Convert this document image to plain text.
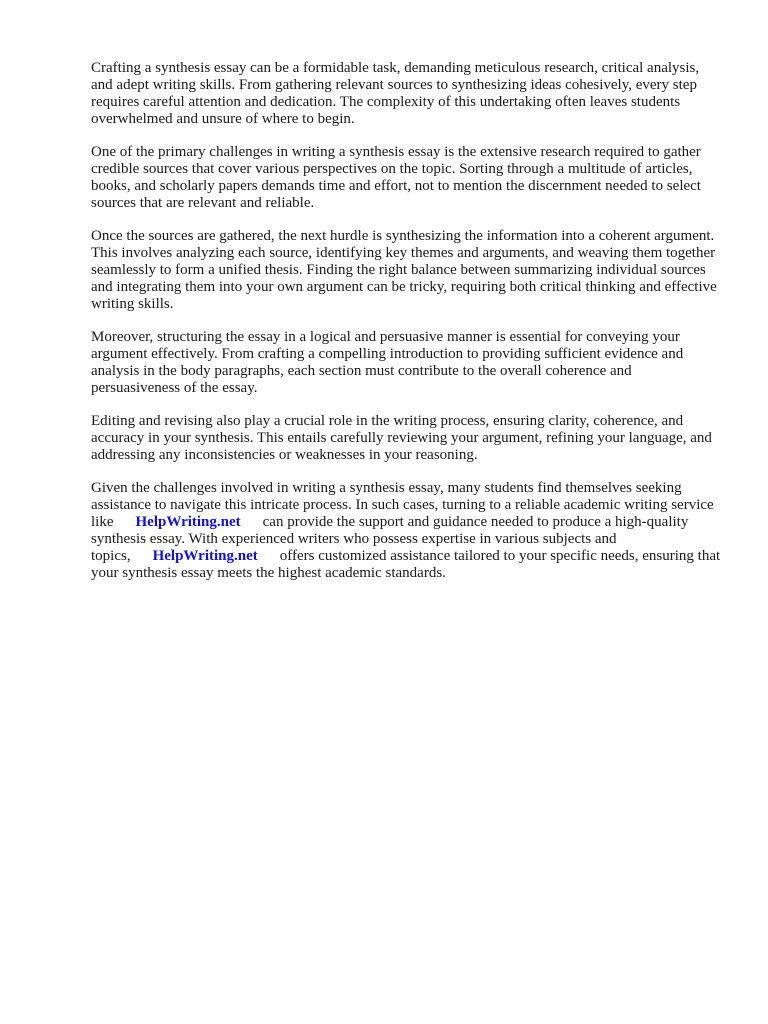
Crafting a synthesis essay can be a formidable task, demanding meticulous research, critical analysis, and adept writing skills. From gathering relevant sources to synthesizing ideas cohesively, every step requires careful attention and dedication. The complexity of this undertaking often leaves students overwhelmed and unsure of where to begin.

One of the primary challenges in writing a synthesis essay is the extensive research required to gather credible sources that cover various perspectives on the topic. Sorting through a multitude of articles, books, and scholarly papers demands time and effort, not to mention the discernment needed to select sources that are relevant and reliable.

Once the sources are gathered, the next hurdle is synthesizing the information into a coherent argument. This involves analyzing each source, identifying key themes and arguments, and weaving them together seamlessly to form a unified thesis. Finding the right balance between summarizing individual sources and integrating them into your own argument can be tricky, requiring both critical thinking and effective writing skills.

Moreover, structuring the essay in a logical and persuasive manner is essential for conveying your argument effectively. From crafting a compelling introduction to providing sufficient evidence and analysis in the body paragraphs, each section must contribute to the overall coherence and persuasiveness of the essay.

Editing and revising also play a crucial role in the writing process, ensuring clarity, coherence, and accuracy in your synthesis. This entails carefully reviewing your argument, refining your language, and addressing any inconsistencies or weaknesses in your reasoning.

Given the challenges involved in writing a synthesis essay, many students find themselves seeking assistance to navigate this intricate process. In such cases, turning to a reliable academic writing service like HelpWriting.net can provide the support and guidance needed to produce a high-quality synthesis essay. With experienced writers who possess expertise in various subjects and topics, HelpWriting.net offers customized assistance tailored to your specific needs, ensuring that your synthesis essay meets the highest academic standards.
